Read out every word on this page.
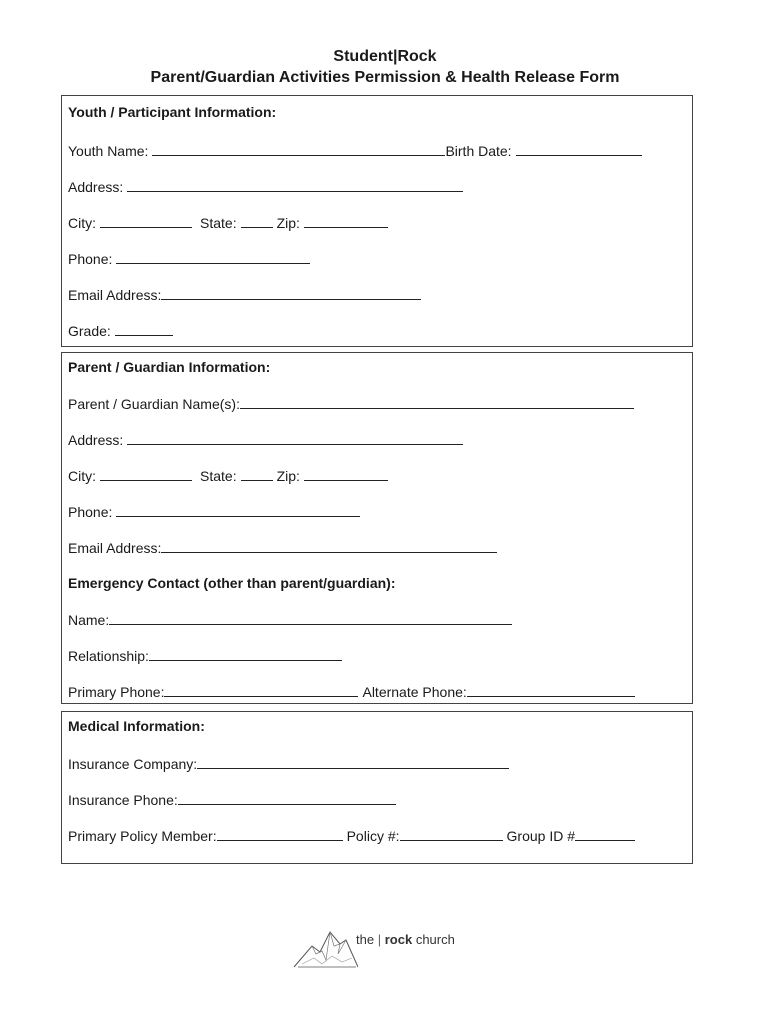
Student|Rock
Parent/Guardian Activities Permission & Health Release Form
Youth / Participant Information:
Youth Name:	Birth Date:
Address:
City:	State:	Zip:
Phone:
Email Address:
Grade:
Parent / Guardian Information:
Parent / Guardian Name(s):
Address:
City:	State:	Zip:
Phone:
Email Address:
Emergency Contact (other than parent/guardian):
Name:
Relationship:
Primary Phone:	Alternate Phone:
Medical Information:
Insurance Company:
Insurance Phone:
Primary Policy Member:	Policy #:	Group ID #
the | rock church
